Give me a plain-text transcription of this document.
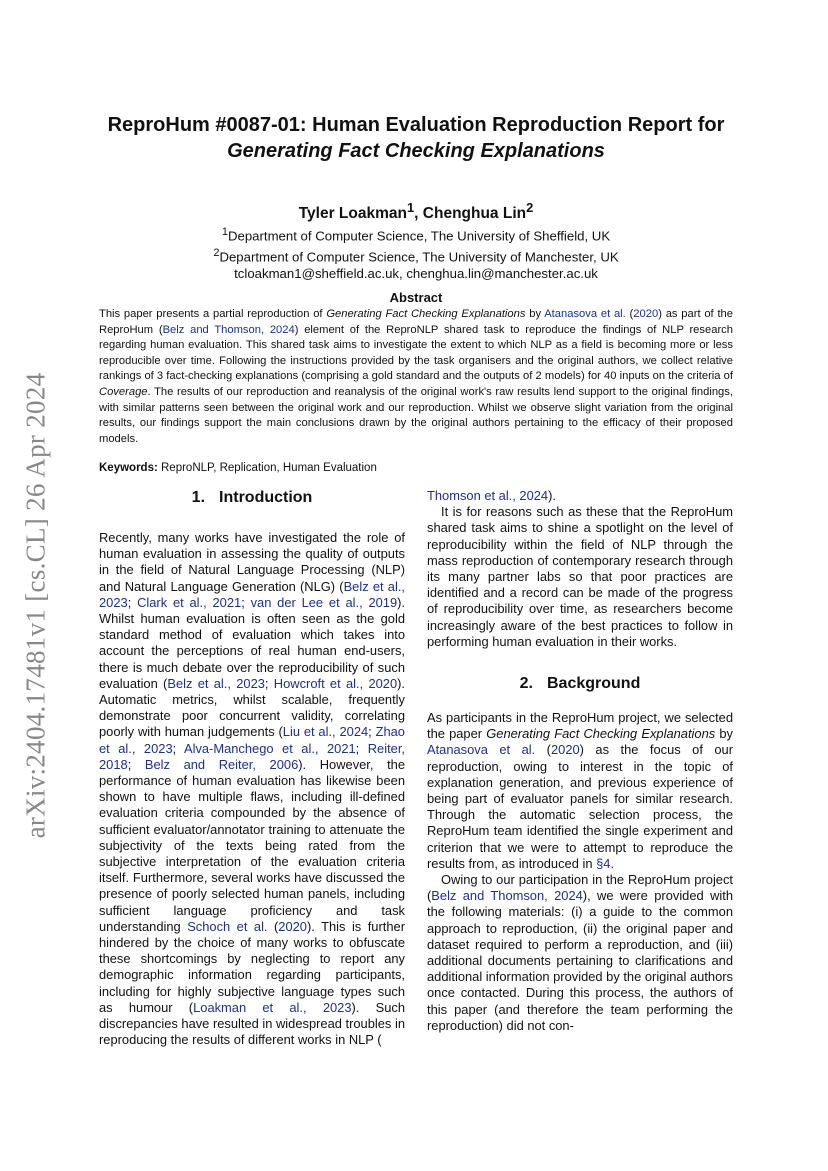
arXiv:2404.17481v1 [cs.CL] 26 Apr 2024
ReproHum #0087-01: Human Evaluation Reproduction Report for
Generating Fact Checking Explanations
Tyler Loakman$^1$, Chenghua Lin$^2$
$^1$Department of Computer Science, The University of Sheffield, UK
$^2$Department of Computer Science, The University of Manchester, UK
tcloakman1@sheffield.ac.uk, chenghua.lin@manchester.ac.uk
Abstract
This paper presents a partial reproduction of Generating Fact Checking Explanations by Atanasova et al. (2020) as part of the ReproHum (Belz and Thomson, 2024) element of the ReproNLP shared task to reproduce the findings of NLP research regarding human evaluation. This shared task aims to investigate the extent to which NLP as a field is becoming more or less reproducible over time. Following the instructions provided by the task organisers and the original authors, we collect relative rankings of 3 fact-checking explanations (comprising a gold standard and the outputs of 2 models) for 40 inputs on the criteria of Coverage. The results of our reproduction and reanalysis of the original work's raw results lend support to the original findings, with similar patterns seen between the original work and our reproduction. Whilst we observe slight variation from the original results, our findings support the main conclusions drawn by the original authors pertaining to the efficacy of their proposed models.
Keywords: ReproNLP, Replication, Human Evaluation
1. Introduction

Recently, many works have investigated the role of human evaluation in assessing the quality of outputs in the field of Natural Language Processing (NLP) and Natural Language Generation (NLG) (Belz et al., 2023; Clark et al., 2021; van der Lee et al., 2019). Whilst human evaluation is often seen as the gold standard method of evaluation which takes into account the perceptions of real human end-users, there is much debate over the reproducibility of such evaluation (Belz et al., 2023; Howcroft et al., 2020). Automatic metrics, whilst scalable, frequently demonstrate poor concurrent validity, correlating poorly with human judgements (Liu et al., 2024; Zhao et al., 2023; Alva-Manchego et al., 2021; Reiter, 2018; Belz and Reiter, 2006). However, the performance of human evaluation has likewise been shown to have multiple flaws, including ill-defined evaluation criteria compounded by the absence of sufficient evaluator/annotator training to attenuate the subjectivity of the texts being rated from the subjective interpretation of the evaluation criteria itself. Furthermore, several works have discussed the presence of poorly selected human panels, including sufficient language proficiency and task understanding Schoch et al. (2020). This is further hindered by the choice of many works to obfuscate these shortcomings by neglecting to report any demographic information regarding participants, including for highly subjective language types such as humour (Loakman et al., 2023). Such discrepancies have resulted in widespread troubles in reproducing the results of different works in NLP (

Thomson et al., 2024).

It is for reasons such as these that the ReproHum shared task aims to shine a spotlight on the level of reproducibility within the field of NLP through the mass reproduction of contemporary research through its many partner labs so that poor practices are identified and a record can be made of the progress of reproducibility over time, as researchers become increasingly aware of the best practices to follow in performing human evaluation in their works.

2. Background

As participants in the ReproHum project, we selected the paper Generating Fact Checking Explanations by Atanasova et al. (2020) as the focus of our reproduction, owing to interest in the topic of explanation generation, and previous experience of being part of evaluator panels for similar research. Through the automatic selection process, the ReproHum team identified the single experiment and criterion that we were to attempt to reproduce the results from, as introduced in §4.

Owing to our participation in the ReproHum project (Belz and Thomson, 2024), we were provided with the following materials: (i) a guide to the common approach to reproduction, (ii) the original paper and dataset required to perform a reproduction, and (iii) additional documents pertaining to clarifications and additional information provided by the original authors once contacted. During this process, the authors of this paper (and therefore the team performing the reproduction) did not con-
